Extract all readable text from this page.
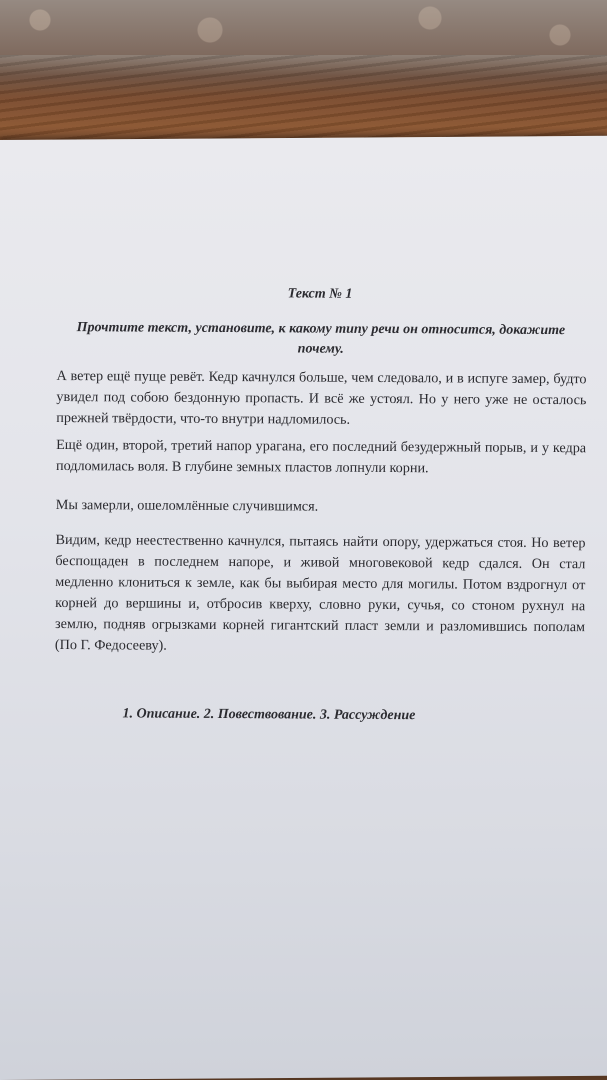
Текст № 1
Прочтите текст, установите, к какому типу речи он относится, докажите почему.

А ветер ещё пуще ревёт. Кедр качнулся больше, чем следовало, и в испуге замер, будто увидел под собою бездонную пропасть. И всё же устоял. Но у него уже не осталось прежней твёрдости, что-то внутри надломилось.

Ещё один, второй, третий напор урагана, его последний безудержный порыв, и у кедра подломилась воля. В глубине земных пластов лопнули корни.

Мы замерли, ошеломлённые случившимся.

Видим, кедр неестественно качнулся, пытаясь найти опору, удержаться стоя. Но ветер беспощаден в последнем напоре, и живой многовековой кедр сдался. Он стал медленно клониться к земле, как бы выбирая место для могилы. Потом вздрогнул от корней до вершины и, отбросив кверху, словно руки, сучья, со стоном рухнул на землю, подняв огрызками корней гигантский пласт земли и разломившись пополам (По Г. Федосееву).

1. Описание. 2. Повествование. 3. Рассуждение
